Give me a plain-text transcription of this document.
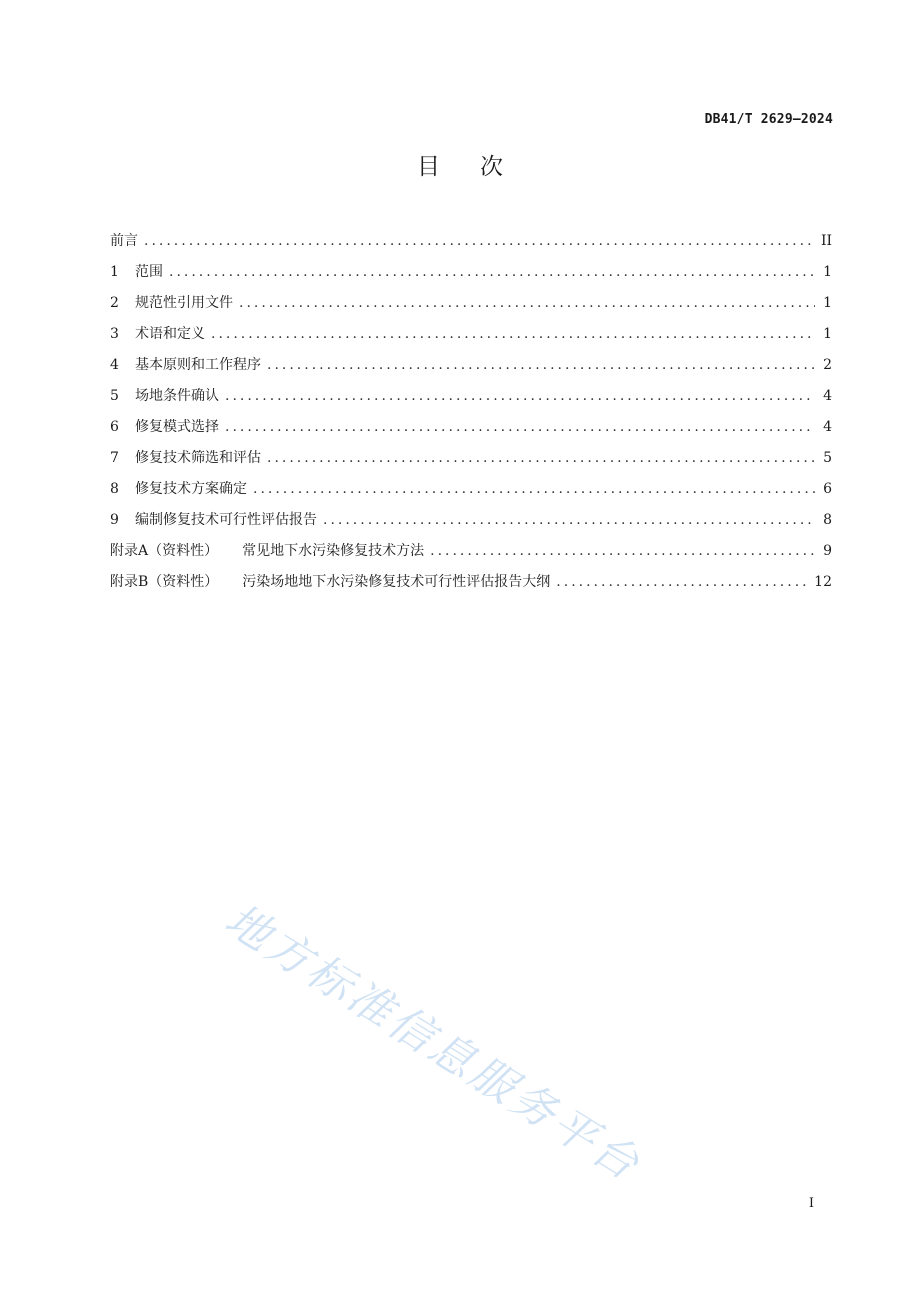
DB41/T 2629—2024
目 次
前言 .....	II
1	范围 .....	1
2	规范性引用文件 .....	1
3	术语和定义 .....	1
4	基本原则和工作程序 .....	2
5	场地条件确认 .....	4
6	修复模式选择 .....	4
7	修复技术筛选和评估 .....	5
8	修复技术方案确定 .....	6
9	编制修复技术可行性评估报告 .....	8
附录A（资料性） 常见地下水污染修复技术方法 .....	9
附录B（资料性） 污染场地地下水污染修复技术可行性评估报告大纲 .....	12
地方标准信息服务平台
I
